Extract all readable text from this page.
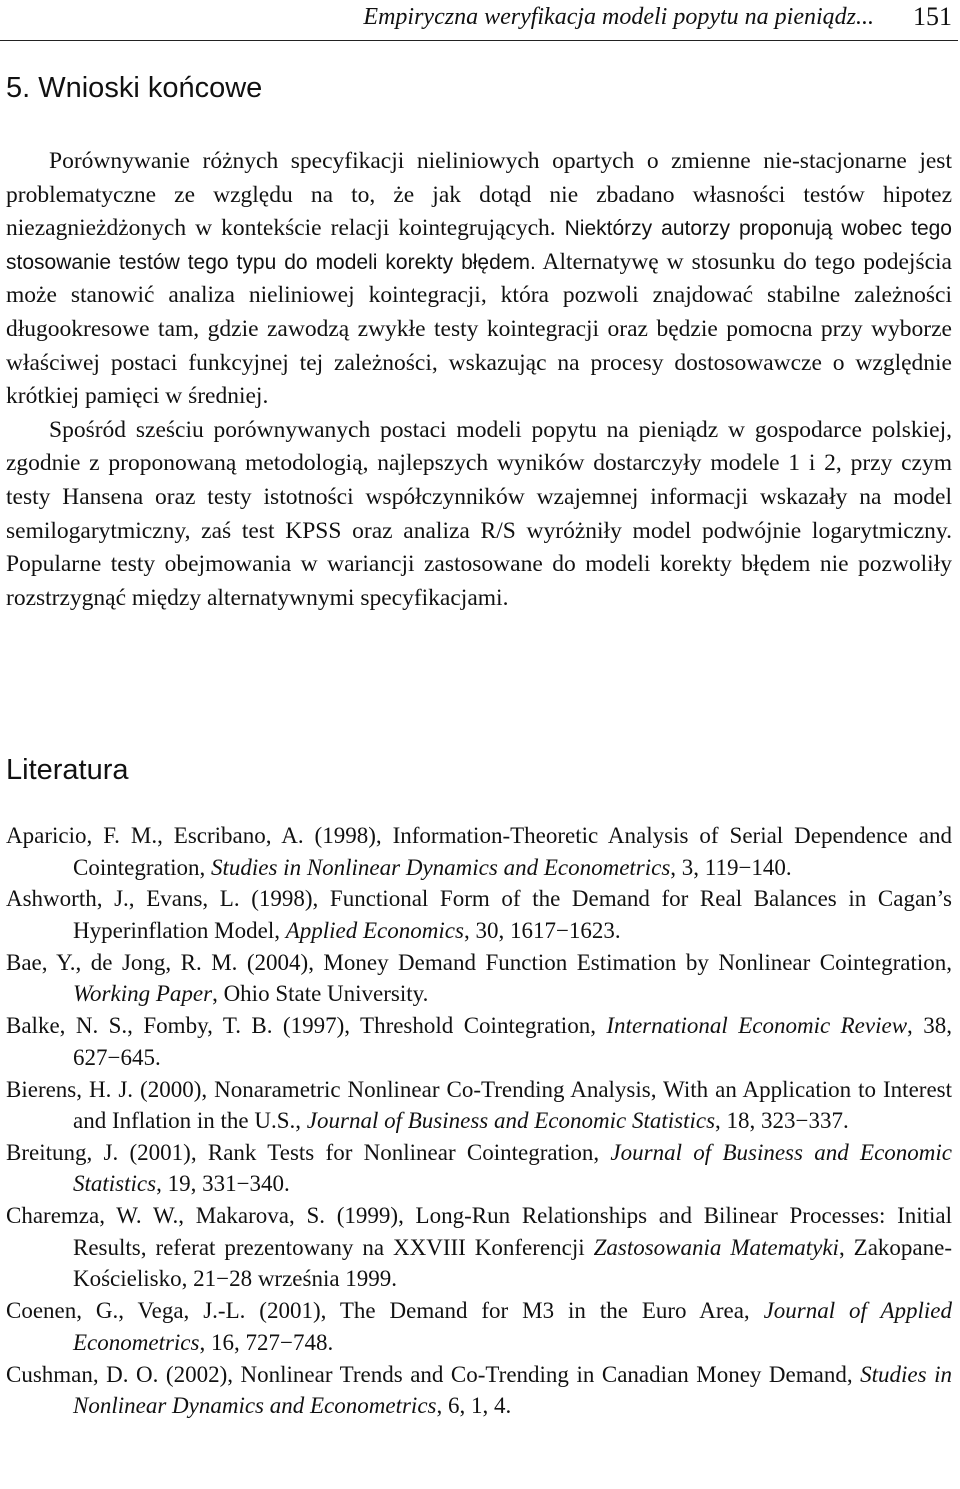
Empiryczna weryfikacja modeli popytu na pieniądz... 151
5. Wnioski końcowe

Porównywanie różnych specyfikacji nieliniowych opartych o zmienne nie-stacjonarne jest problematyczne ze względu na to, że jak dotąd nie zbadano własności testów hipotez niezagnieżdżonych w kontekście relacji kointegrujących. Niektórzy autorzy proponują wobec tego stosowanie testów tego typu do modeli korekty błędem. Alternatywę w stosunku do tego podejścia może stanowić analiza nieliniowej kointegracji, która pozwoli znajdować stabilne zależności długookresowe tam, gdzie zawodzą zwykłe testy kointegracji oraz będzie pomocna przy wyborze właściwej postaci funkcyjnej tej zależności, wskazując na procesy dostosowawcze o względnie krótkiej pamięci w średniej.

Spośród sześciu porównywanych postaci modeli popytu na pieniądz w gospodarce polskiej, zgodnie z proponowaną metodologią, najlepszych wyników dostarczyły modele 1 i 2, przy czym testy Hansena oraz testy istotności współczynników wzajemnej informacji wskazały na model semilogarytmiczny, zaś test KPSS oraz analiza R/S wyróżniły model podwójnie logarytmiczny. Popularne testy obejmowania w wariancji zastosowane do modeli korekty błędem nie pozwoliły rozstrzygnąć między alternatywnymi specyfikacjami.

Literatura
Aparicio, F. M., Escribano, A. (1998), Information-Theoretic Analysis of Serial Dependence and Cointegration, Studies in Nonlinear Dynamics and Econometrics, 3, 119−140.
Ashworth, J., Evans, L. (1998), Functional Form of the Demand for Real Balances in Cagan’s Hyperinflation Model, Applied Economics, 30, 1617−1623.
Bae, Y., de Jong, R. M. (2004), Money Demand Function Estimation by Nonlinear Cointegration, Working Paper, Ohio State University.
Balke, N. S., Fomby, T. B. (1997), Threshold Cointegration, International Economic Review, 38, 627−645.
Bierens, H. J. (2000), Nonarametric Nonlinear Co-Trending Analysis, With an Application to Interest and Inflation in the U.S., Journal of Business and Economic Statistics, 18, 323−337.
Breitung, J. (2001), Rank Tests for Nonlinear Cointegration, Journal of Business and Economic Statistics, 19, 331−340.
Charemza, W. W., Makarova, S. (1999), Long-Run Relationships and Bilinear Processes: Initial Results, referat prezentowany na XXVIII Konferencji Zastosowania Matematyki, Zakopane-Kościelisko, 21−28 września 1999.
Coenen, G., Vega, J.-L. (2001), The Demand for M3 in the Euro Area, Journal of Applied Econometrics, 16, 727−748.
Cushman, D. O. (2002), Nonlinear Trends and Co-Trending in Canadian Money Demand, Studies in Nonlinear Dynamics and Econometrics, 6, 1, 4.
